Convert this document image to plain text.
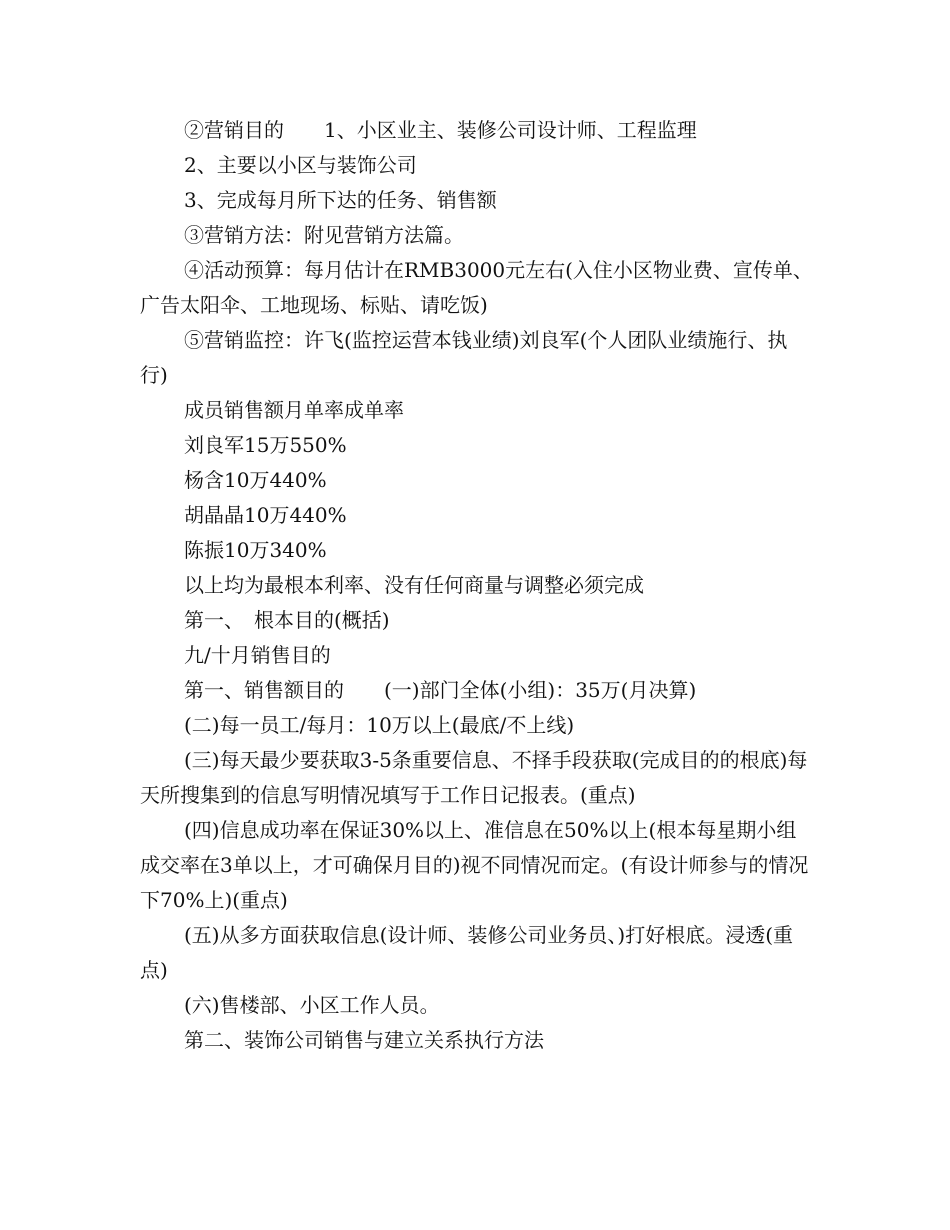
②营销目的　　1、小区业主、装修公司设计师、工程监理

2、主要以小区与装饰公司

3、完成每月所下达的任务、销售额

③营销方法：附见营销方法篇。

④活动预算：每月估计在RMB3000元左右(入住小区物业费、宣传单、广告太阳伞、工地现场、标贴、请吃饭)

⑤营销监控：许飞(监控运营本钱业绩)刘良军(个人团队业绩施行、执行)

成员销售额月单率成单率

刘良军15万550%

杨含10万440%

胡晶晶10万440%

陈振10万340%

以上均为最根本利率、没有任何商量与调整必须完成

第一、　根本目的(概括)

九/十月销售目的

第一、销售额目的　　(一)部门全体(小组)：35万(月决算)

(二)每一员工/每月：10万以上(最底/不上线)

(三)每天最少要获取3-5条重要信息、不择手段获取(完成目的的根底)每天所搜集到的信息写明情况填写于工作日记报表。(重点)

(四)信息成功率在保证30%以上、准信息在50%以上(根本每星期小组成交率在3单以上，才可确保月目的)视不同情况而定。(有设计师参与的情况下70%上)(重点)

(五)从多方面获取信息(设计师、装修公司业务员、)打好根底。浸透(重点)

(六)售楼部、小区工作人员。

第二、装饰公司销售与建立关系执行方法
